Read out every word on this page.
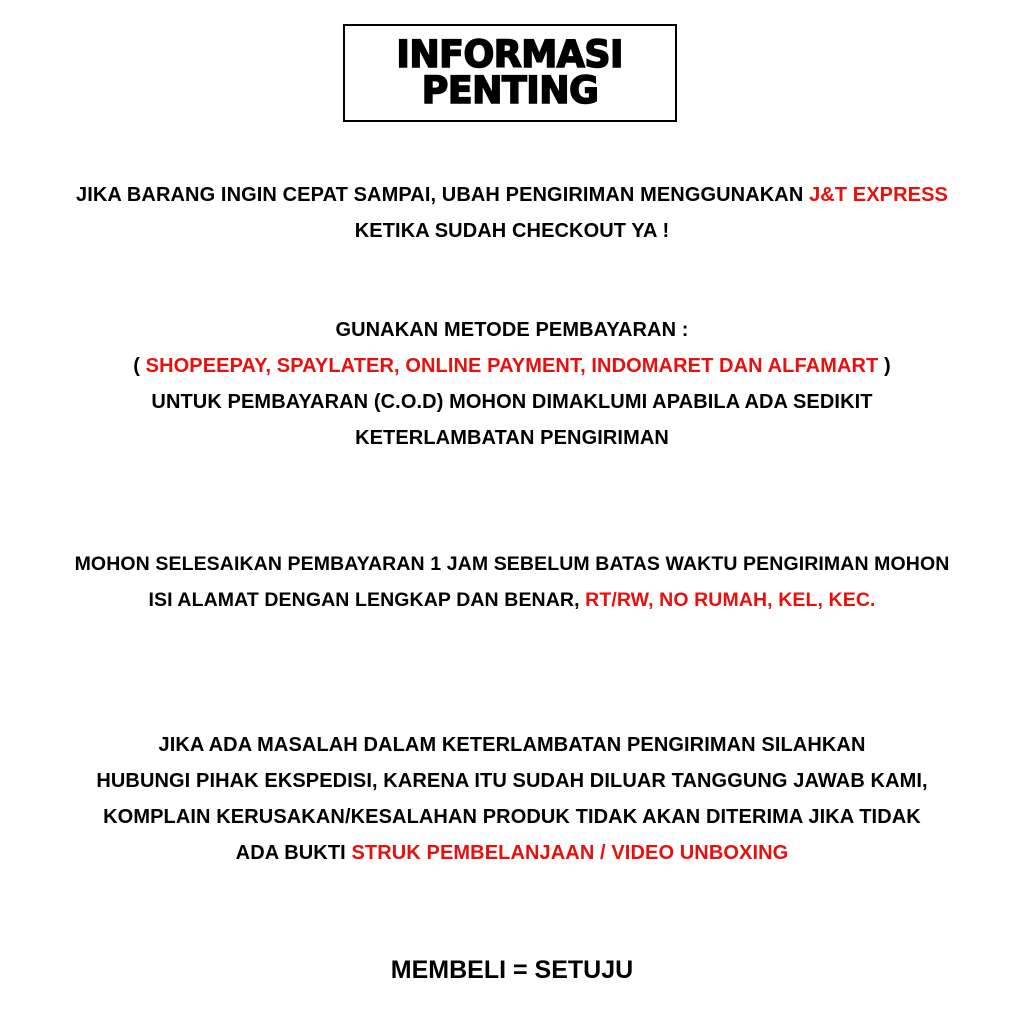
INFORMASI
PENTING
JIKA BARANG INGIN CEPAT SAMPAI, UBAH PENGIRIMAN MENGGUNAKAN J&T EXPRESS
KETIKA SUDAH CHECKOUT YA !
GUNAKAN METODE PEMBAYARAN :
( SHOPEEPAY, SPAYLATER, ONLINE PAYMENT, INDOMARET DAN ALFAMART )
UNTUK PEMBAYARAN (C.O.D) MOHON DIMAKLUMI APABILA ADA SEDIKIT
KETERLAMBATAN PENGIRIMAN
MOHON SELESAIKAN PEMBAYARAN 1 JAM SEBELUM BATAS WAKTU PENGIRIMAN MOHON
ISI ALAMAT DENGAN LENGKAP DAN BENAR, RT/RW, NO RUMAH, KEL, KEC.
JIKA ADA MASALAH DALAM KETERLAMBATAN PENGIRIMAN SILAHKAN
HUBUNGI PIHAK EKSPEDISI, KARENA ITU SUDAH DILUAR TANGGUNG JAWAB KAMI,
KOMPLAIN KERUSAKAN/KESALAHAN PRODUK TIDAK AKAN DITERIMA JIKA TIDAK
ADA BUKTI STRUK PEMBELANJAAN / VIDEO UNBOXING
MEMBELI = SETUJU
